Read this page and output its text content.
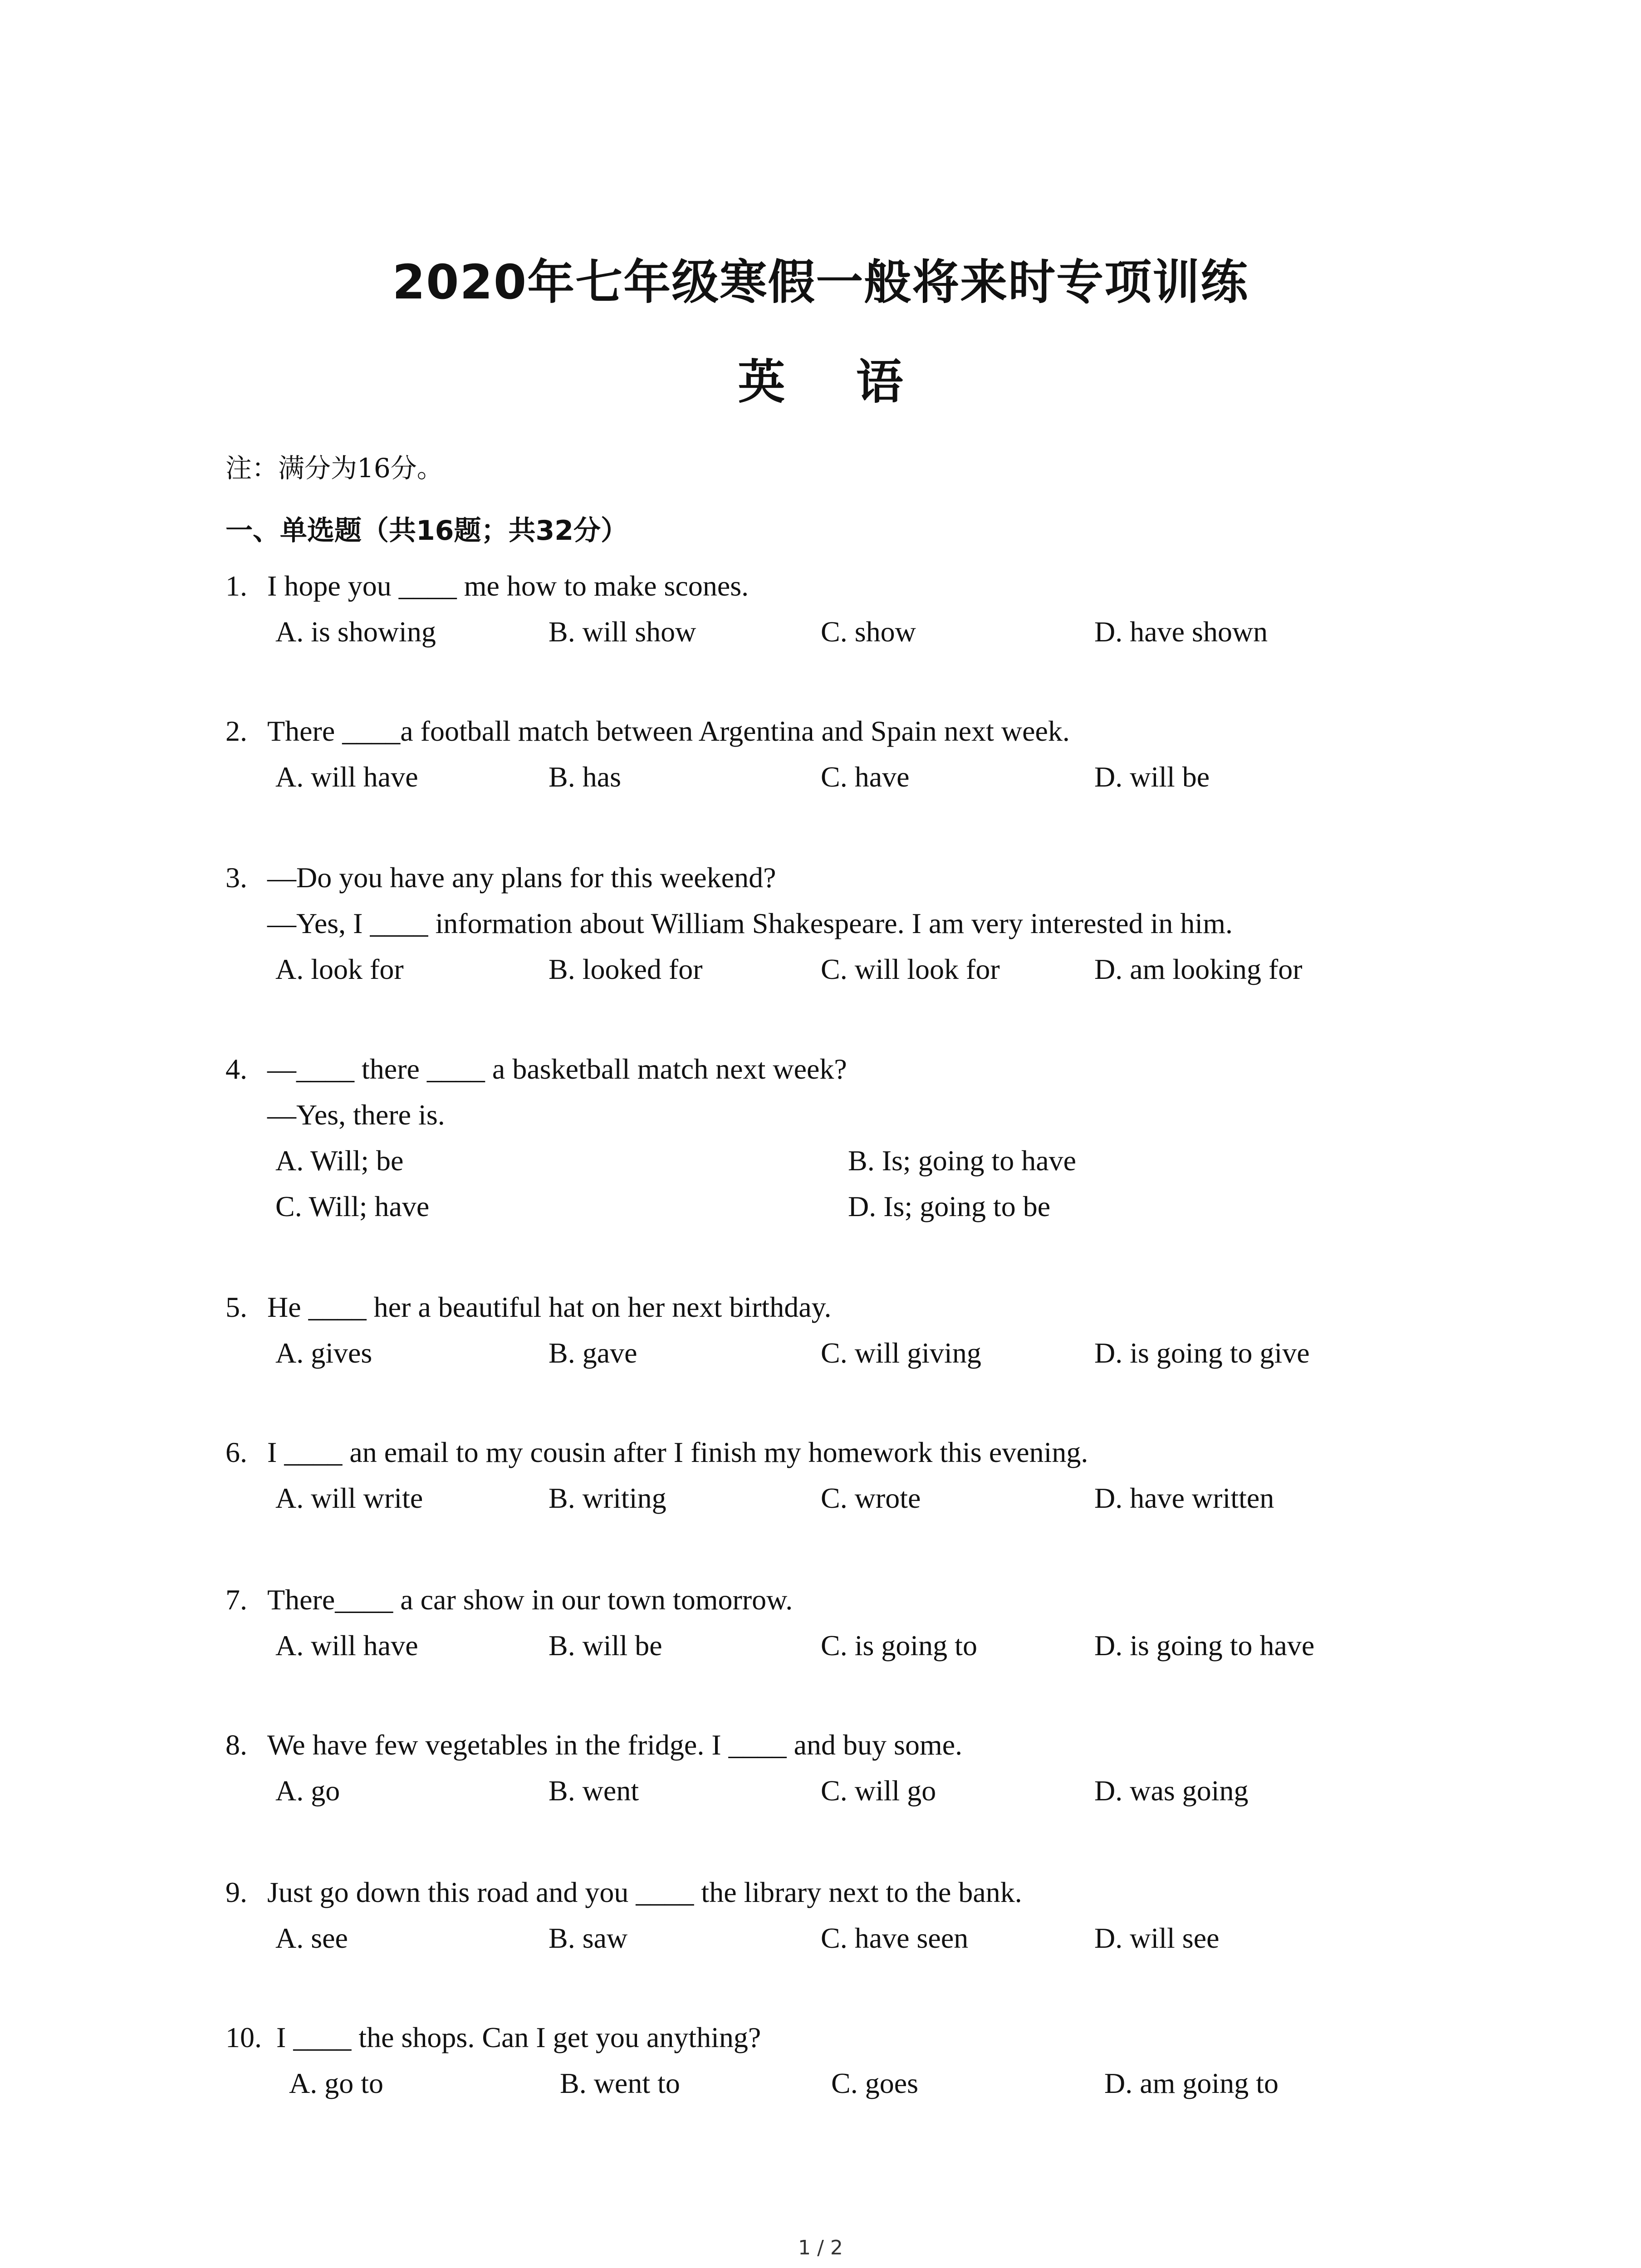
2020年七年级寒假一般将来时专项训练
英 语
注：满分为16分。
一、单选题（共16题；共32分）
1. I hope you ____ me how to make scones.
A. is showing	B. will show	C. show	D. have shown
2. There ____a football match between Argentina and Spain next week.
A. will have	B. has	C. have	D. will be
3. —Do you have any plans for this weekend?
—Yes, I ____ information about William Shakespeare. I am very interested in him.
A. look for	B. looked for	C. will look for	D. am looking for
4. —____ there ____ a basketball match next week?
—Yes, there is.
A. Will; be	B. Is; going to have
C. Will; have	D. Is; going to be
5. He ____ her a beautiful hat on her next birthday.
A. gives	B. gave	C. will giving	D. is going to give
6. I ____ an email to my cousin after I finish my homework this evening.
A. will write	B. writing	C. wrote	D. have written
7. There____ a car show in our town tomorrow.
A. will have	B. will be	C. is going to	D. is going to have
8. We have few vegetables in the fridge. I ____ and buy some.
A. go	B. went	C. will go	D. was going
9. Just go down this road and you ____ the library next to the bank.
A. see	B. saw	C. have seen	D. will see
10. I ____ the shops. Can I get you anything?
A. go to	B. went to	C. goes	D. am going to
1 / 2
